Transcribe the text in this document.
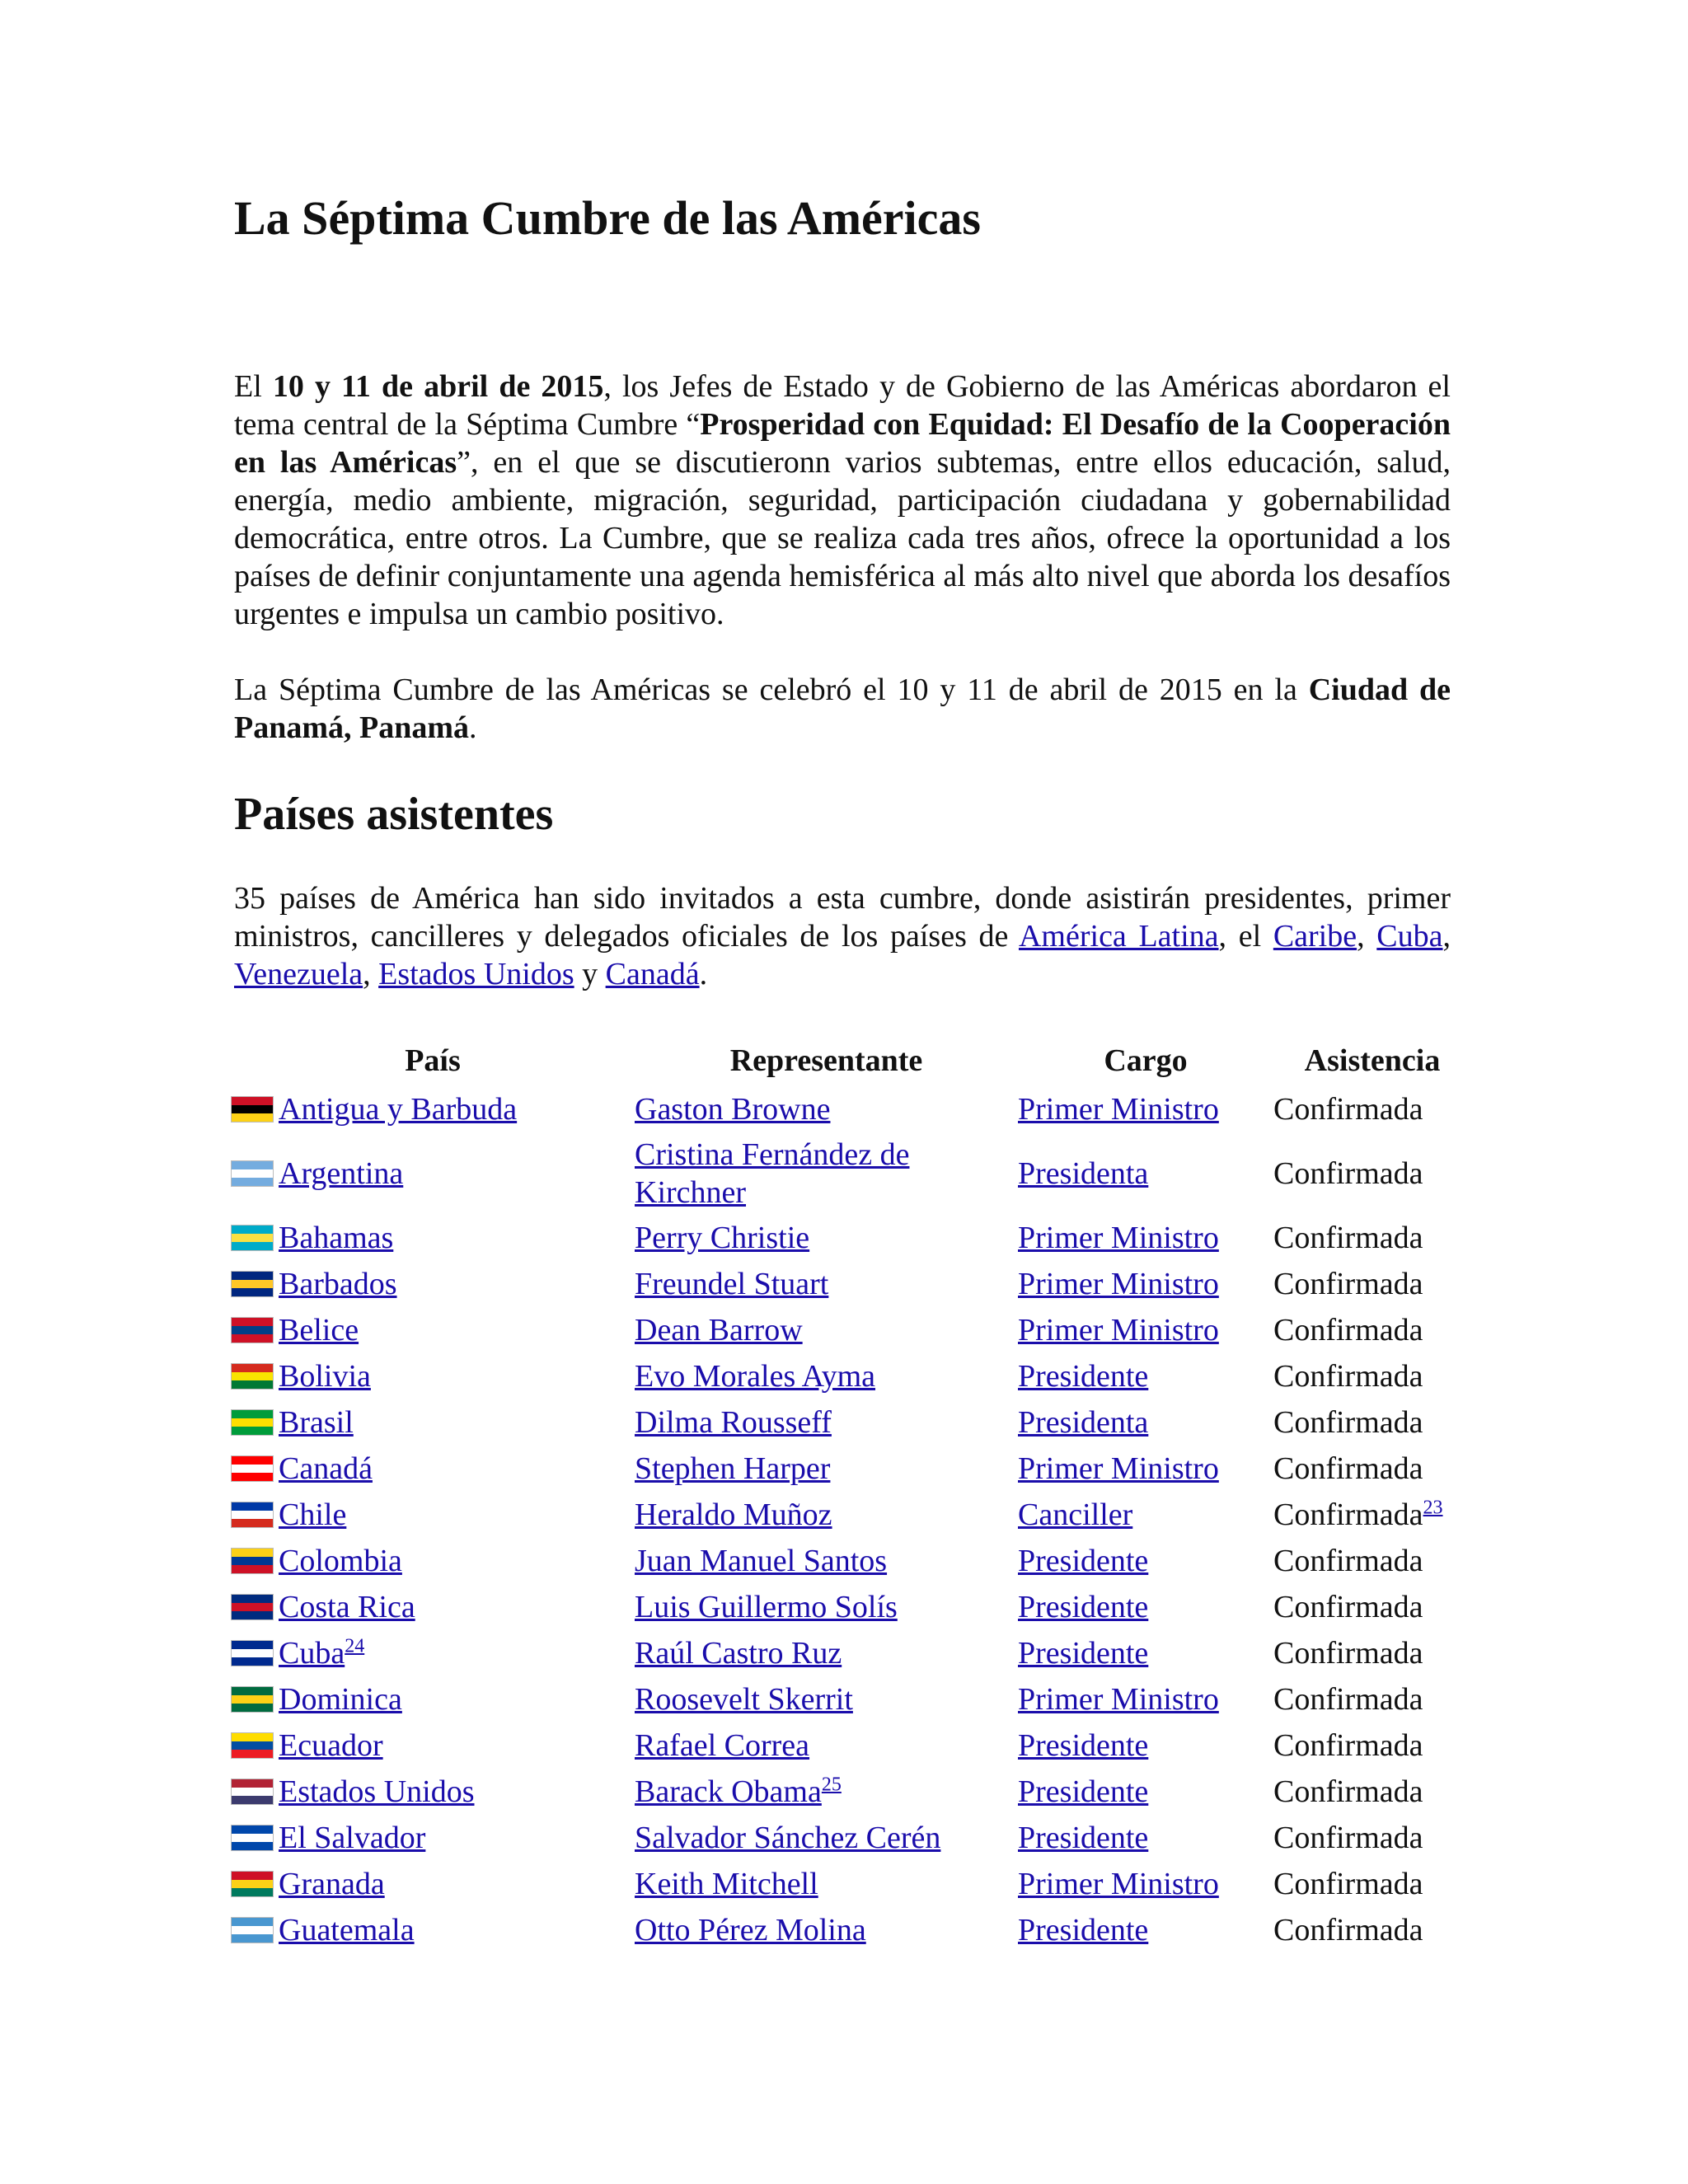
La Séptima Cumbre de las Américas

El 10 y 11 de abril de 2015, los Jefes de Estado y de Gobierno de las Américas abordaron el tema central de la Séptima Cumbre “Prosperidad con Equidad: El Desafío de la Cooperación en las Américas”, en el que se discutieronn varios subtemas, entre ellos educación, salud, energía, medio ambiente, migración, seguridad, participación ciudadana y gobernabilidad democrática, entre otros. La Cumbre, que se realiza cada tres años, ofrece la oportunidad a los países de definir conjuntamente una agenda hemisférica al más alto nivel que aborda los desafíos urgentes e impulsa un cambio positivo.

La Séptima Cumbre de las Américas se celebró el 10 y 11 de abril de 2015 en la Ciudad de Panamá, Panamá.

Países asistentes

35 países de América han sido invitados a esta cumbre, donde asistirán presidentes, primer ministros, cancilleres y delegados oficiales de los países de América Latina, el Caribe, Cuba, Venezuela, Estados Unidos y Canadá.

País	Representante	Cargo	Asistencia
Antigua y Barbuda	Gaston Browne	Primer Ministro	Confirmada
Argentina	Cristina Fernández de Kirchner	Presidenta	Confirmada
Bahamas	Perry Christie	Primer Ministro	Confirmada
Barbados	Freundel Stuart	Primer Ministro	Confirmada
Belice	Dean Barrow	Primer Ministro	Confirmada
Bolivia	Evo Morales Ayma	Presidente	Confirmada
Brasil	Dilma Rousseff	Presidenta	Confirmada
Canadá	Stephen Harper	Primer Ministro	Confirmada
Chile	Heraldo Muñoz	Canciller	Confirmada$^{23}$
Colombia	Juan Manuel Santos	Presidente	Confirmada
Costa Rica	Luis Guillermo Solís	Presidente	Confirmada
Cuba$^{24}$	Raúl Castro Ruz	Presidente	Confirmada
Dominica	Roosevelt Skerrit	Primer Ministro	Confirmada
Ecuador	Rafael Correa	Presidente	Confirmada
Estados Unidos	Barack Obama$^{25}$	Presidente	Confirmada
El Salvador	Salvador Sánchez Cerén	Presidente	Confirmada
Granada	Keith Mitchell	Primer Ministro	Confirmada
Guatemala	Otto Pérez Molina	Presidente	Confirmada
